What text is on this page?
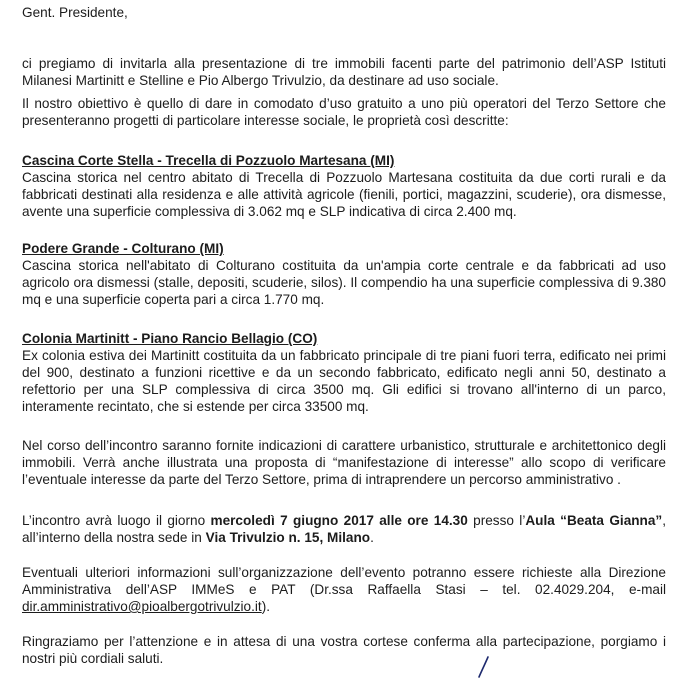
Gent. Presidente,

ci pregiamo di invitarla alla presentazione di tre immobili facenti parte del patrimonio dell’ASP Istituti Milanesi Martinitt e Stelline e Pio Albergo Trivulzio, da destinare ad uso sociale.

Il nostro obiettivo è quello di dare in comodato d’uso gratuito a uno più operatori del Terzo Settore che presenteranno progetti di particolare interesse sociale, le proprietà così descritte:

Cascina Corte Stella - Trecella di Pozzuolo Martesana (MI)

Cascina storica nel centro abitato di Trecella di Pozzuolo Martesana costituita da due corti rurali e da fabbricati destinati alla residenza e alle attività agricole (fienili, portici, magazzini, scuderie), ora dismesse, avente una superficie complessiva di 3.062 mq e SLP indicativa di circa 2.400 mq.

Podere Grande - Colturano (MI)

Cascina storica nell'abitato di Colturano costituita da un'ampia corte centrale e da fabbricati ad uso agricolo ora dismessi (stalle, depositi, scuderie, silos). Il compendio ha una superficie complessiva di 9.380 mq e una superficie coperta pari a circa 1.770 mq.

Colonia Martinitt - Piano Rancio Bellagio (CO)

Ex colonia estiva dei Martinitt costituita da un fabbricato principale di tre piani fuori terra, edificato nei primi del 900, destinato a funzioni ricettive e da un secondo fabbricato, edificato negli anni 50, destinato a refettorio per una SLP complessiva di circa 3500 mq. Gli edifici si trovano all'interno di un parco, interamente recintato, che si estende per circa 33500 mq.

Nel corso dell’incontro saranno fornite indicazioni di carattere urbanistico, strutturale e architettonico degli immobili. Verrà anche illustrata una proposta di “manifestazione di interesse” allo scopo di verificare l’eventuale interesse da parte del Terzo Settore, prima di intraprendere un percorso amministrativo .

L’incontro avrà luogo il giorno mercoledì 7 giugno 2017 alle ore 14.30 presso l’Aula “Beata Gianna”, all’interno della nostra sede in Via Trivulzio n. 15, Milano.

Eventuali ulteriori informazioni sull’organizzazione dell’evento potranno essere richieste alla Direzione Amministrativa dell’ASP IMMeS e PAT (Dr.ssa Raffaella Stasi – tel. 02.4029.204, e-mail dir.amministrativo@pioalbergotrivulzio.it).

Ringraziamo per l’attenzione e in attesa di una vostra cortese conferma alla partecipazione, porgiamo i nostri più cordiali saluti.
